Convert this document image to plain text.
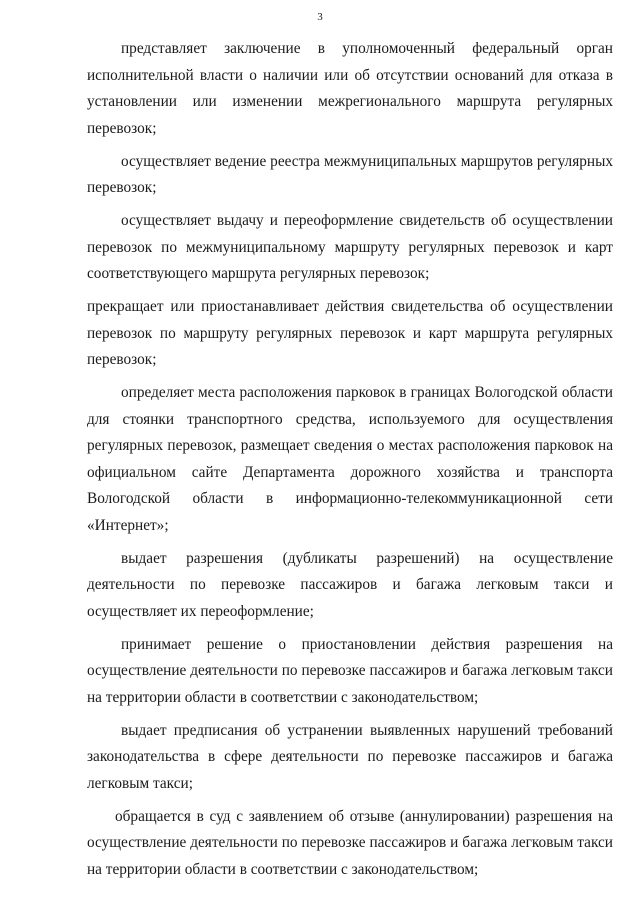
3

представляет заключение в уполномоченный федеральный орган исполнительной власти о наличии или об отсутствии оснований для отказа в установлении или изменении межрегионального маршрута регулярных перевозок;

осуществляет ведение реестра межмуниципальных маршрутов регулярных перевозок;

осуществляет выдачу и переоформление свидетельств об осуществлении перевозок по межмуниципальному маршруту регулярных перевозок и карт соответствующего маршрута регулярных перевозок;

прекращает или приостанавливает действия свидетельства об осуществлении перевозок по маршруту регулярных перевозок и карт маршрута регулярных перевозок;

определяет места расположения парковок в границах Вологодской области для стоянки транспортного средства, используемого для осуществления регулярных перевозок, размещает сведения о местах расположения парковок на официальном сайте Департамента дорожного хозяйства и транспорта Вологодской области в информационно-телекоммуникационной сети «Интернет»;

выдает разрешения (дубликаты разрешений) на осуществление деятельности по перевозке пассажиров и багажа легковым такси и осуществляет их переоформление;

принимает решение о приостановлении действия разрешения на осуществление деятельности по перевозке пассажиров и багажа легковым такси на территории области в соответствии с законодательством;

выдает предписания об устранении выявленных нарушений требований законодательства в сфере деятельности по перевозке пассажиров и багажа легковым такси;

обращается в суд с заявлением об отзыве (аннулировании) разрешения на осуществление деятельности по перевозке пассажиров и багажа легковым такси на территории области в соответствии с законодательством;
